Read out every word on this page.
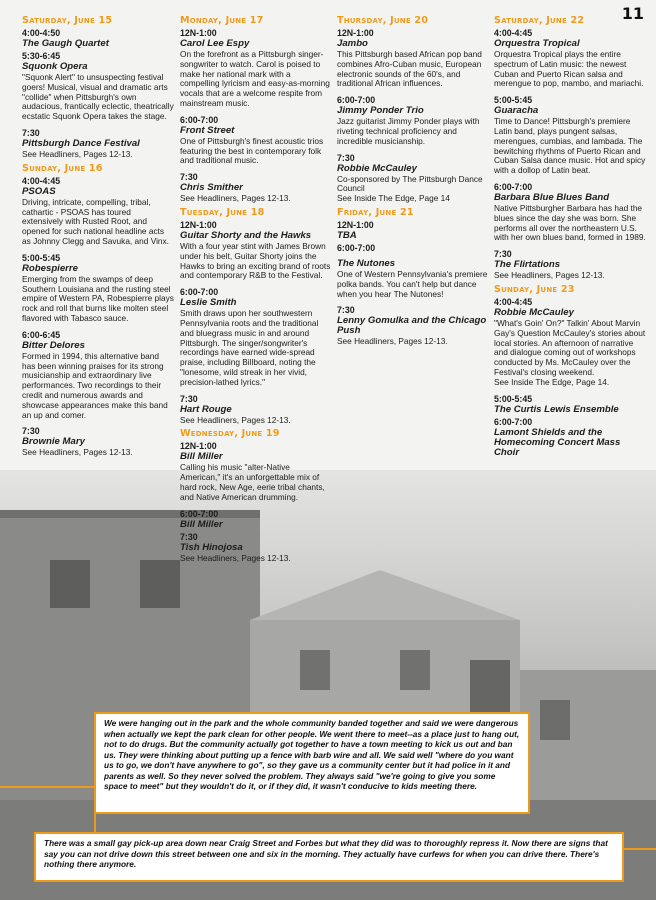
11
Saturday, June 15
4:00-4:50
The Gaugh Quartet
5:30-6:45
Squonk Opera
"Squonk Alert" to unsuspecting festival goers! Musical, visual and dramatic arts "collide" when Pittsburgh's own audacious, frantically eclectic, theatrically ecstatic Squonk Opera takes the stage.
7:30
Pittsburgh Dance Festival
See Headliners, Pages 12-13.
Sunday, June 16
4:00-4:45
PSOAS
Driving, intricate, compelling, tribal, cathartic - PSOAS has toured extensively with Rusted Root, and opened for such national headline acts as Johnny Clegg and Savuka, and Vinx.
5:00-5:45
Robespierre
Emerging from the swamps of deep Southern Louisiana and the rusting steel empire of Western PA, Robespierre plays rock and roll that burns like molten steel flavored with Tabasco sauce.
6:00-6:45
Bitter Delores
Formed in 1994, this alternative band has been winning praises for its strong musicianship and extraordinary live performances. Two recordings to their credit and numerous awards and showcase appearances make this band an up and comer.
7:30
Brownie Mary
See Headliners, Pages 12-13.
Monday, June 17
12N-1:00
Carol Lee Espy
On the forefront as a Pittsburgh singer-songwriter to watch. Carol is poised to make her national mark with a compelling lyricism and easy-as-morning vocals that are a welcome respite from mainstream music.
6:00-7:00
Front Street
One of Pittsburgh's finest acoustic trios featuring the best in contemporary folk and traditional music.
7:30
Chris Smither
See Headliners, Pages 12-13.
Tuesday, June 18
12N-1:00
Guitar Shorty and the Hawks
With a four year stint with James Brown under his belt, Guitar Shorty joins the Hawks to bring an exciting brand of roots and contemporary R&B to the Festival.
6:00-7:00
Leslie Smith
Smith draws upon her southwestern Pennsylvania roots and the traditional and bluegrass music in and around Pittsburgh. The singer/songwriter's recordings have earned wide-spread praise, including Billboard, noting the "lonesome, wild streak in her vivid, precision-lathed lyrics."
7:30
Hart Rouge
See Headliners, Pages 12-13.
Wednesday, June 19
12N-1:00
Bill Miller
Calling his music "alter-Native American," it's an unforgettable mix of hard rock, New Age, eerie tribal chants, and Native American drumming.
6:00-7:00
Bill Miller
7:30
Tish Hinojosa
See Headliners, Pages 12-13.
Thursday, June 20
12N-1:00
Jambo
This Pittsburgh based African pop band combines Afro-Cuban music, European electronic sounds of the 60's, and traditional African influences.
6:00-7:00
Jimmy Ponder Trio
Jazz guitarist Jimmy Ponder plays with riveting technical proficiency and incredible musicianship.
7:30
Robbie McCauley
Co-sponsored by The Pittsburgh Dance Council
See Inside The Edge, Page 14
Friday, June 21
12N-1:00
TBA
6:00-7:00
The Nutones
One of Western Pennsylvania's premiere polka bands. You can't help but dance when you hear The Nutones!
7:30
Lenny Gomulka and the Chicago Push
See Headliners, Pages 12-13.
Saturday, June 22
4:00-4:45
Orquestra Tropical
Orquestra Tropical plays the entire spectrum of Latin music: the newest Cuban and Puerto Rican salsa and merengue to pop, mambo, and mariachi.
5:00-5:45
Guaracha
Time to Dance! Pittsburgh's premiere Latin band, plays pungent salsas, merengues, cumbias, and lambada. The bewitching rhythms of Puerto Rican and Cuban Salsa dance music. Hot and spicy with a dollop of Latin beat.
6:00-7:00
Barbara Blue Blues Band
Native Pittsburgher Barbara has had the blues since the day she was born. She performs all over the northeastern U.S. with her own blues band, formed in 1989.
7:30
The Flirtations
See Headliners, Pages 12-13.
Sunday, June 23
4:00-4:45
Robbie McCauley
"What's Goin' On?" Talkin' About Marvin Gay's Question McCauley's stories about local stories. An afternoon of narrative and dialogue coming out of workshops conducted by Ms. McCauley over the Festival's closing weekend.
See Inside The Edge, Page 14.
5:00-5:45
The Curtis Lewis Ensemble
6:00-7:00
Lamont Shields and the Homecoming Concert Mass Choir
We were hanging out in the park and the whole community banded together and said we were dangerous when actually we kept the park clean for other people. We went there to meet--as a place just to hang out, not to do drugs. But the community actually got together to have a town meeting to kick us out and ban us. They were thinking about putting up a fence with barb wire and all. We said well "where do you want us to go, we don't have anywhere to go", so they gave us a community center but it had police in it and parents as well. So they never solved the problem. They always said "we're going to give you some space to meet" but they wouldn't do it, or if they did, it wasn't conducive to kids meeting there.
There was a small gay pick-up area down near Craig Street and Forbes but what they did was to thoroughly repress it. Now there are signs that say you can not drive down this street between one and six in the morning. They actually have curfews for when you can drive there. There's nothing there anymore.
